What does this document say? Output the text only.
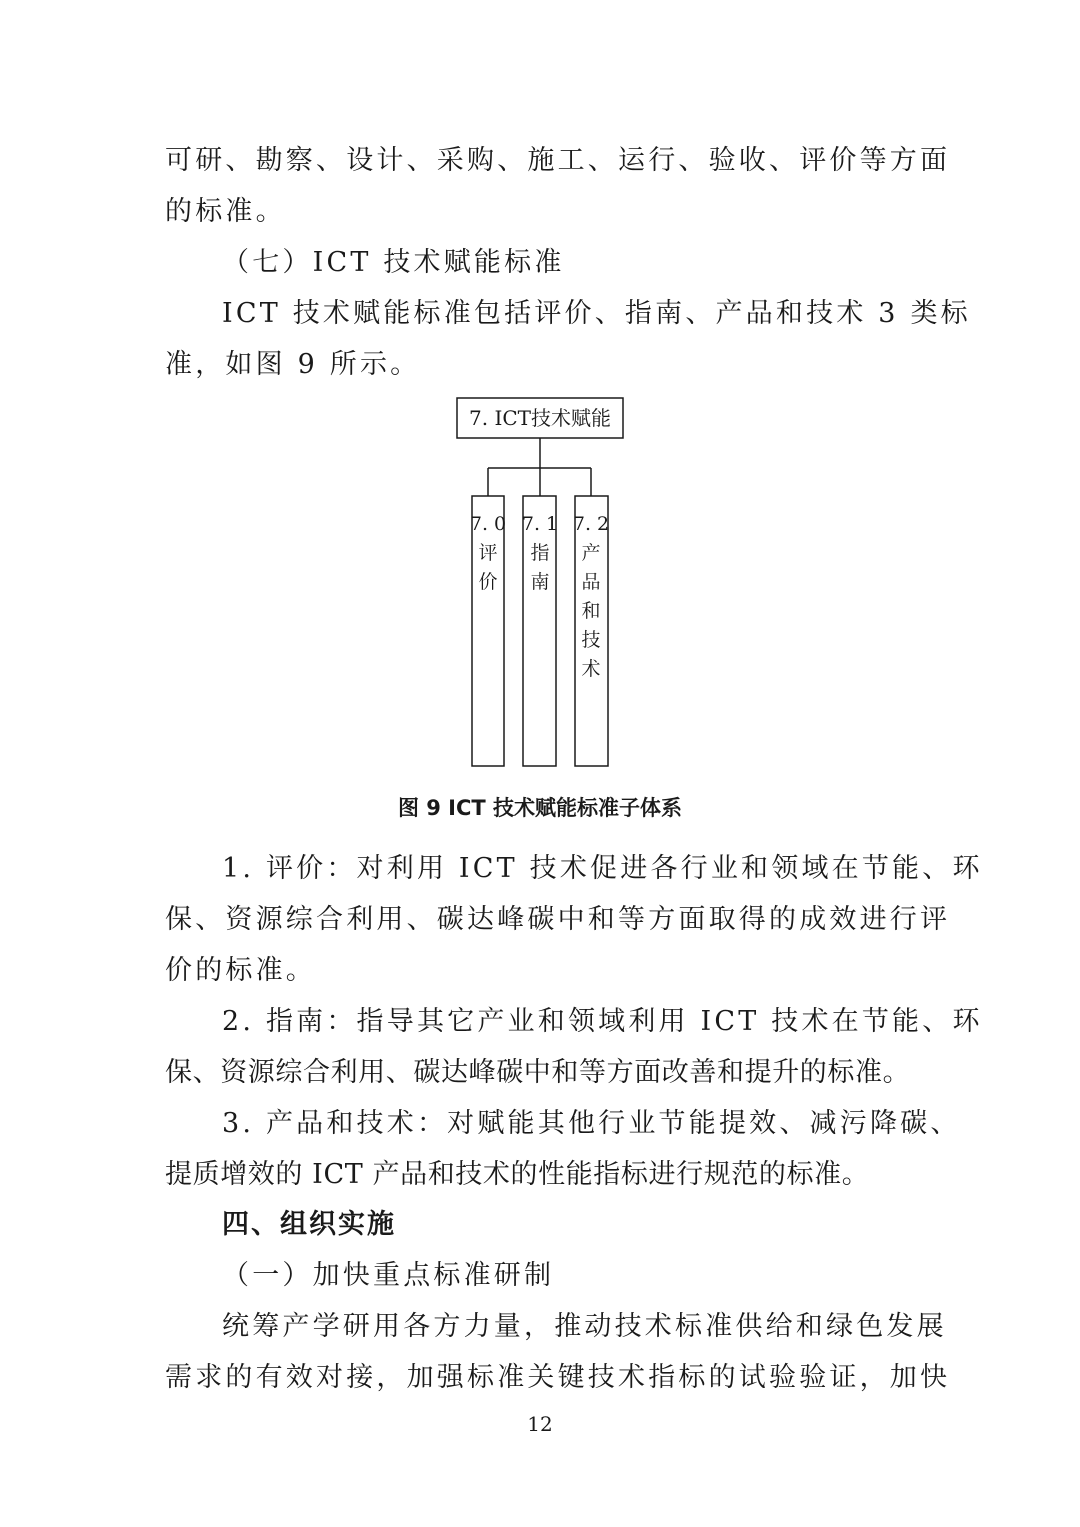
可研、勘察、设计、采购、施工、运行、验收、评价等方面
的标准。
（七）ICT 技术赋能标准
ICT 技术赋能标准包括评价、指南、产品和技术 3 类标
准，如图 9 所示。
7. ICT技术赋能
7. 0
评
价
7. 1
指
南
7. 2
产
品
和
技
术
图 9 ICT 技术赋能标准子体系
1. 评价：对利用 ICT 技术促进各行业和领域在节能、环
保、资源综合利用、碳达峰碳中和等方面取得的成效进行评
价的标准。
2. 指南：指导其它产业和领域利用 ICT 技术在节能、环
保、资源综合利用、碳达峰碳中和等方面改善和提升的标准。
3. 产品和技术：对赋能其他行业节能提效、减污降碳、
提质增效的 ICT 产品和技术的性能指标进行规范的标准。
四、组织实施
（一）加快重点标准研制
统筹产学研用各方力量，推动技术标准供给和绿色发展
需求的有效对接，加强标准关键技术指标的试验验证，加快
12
